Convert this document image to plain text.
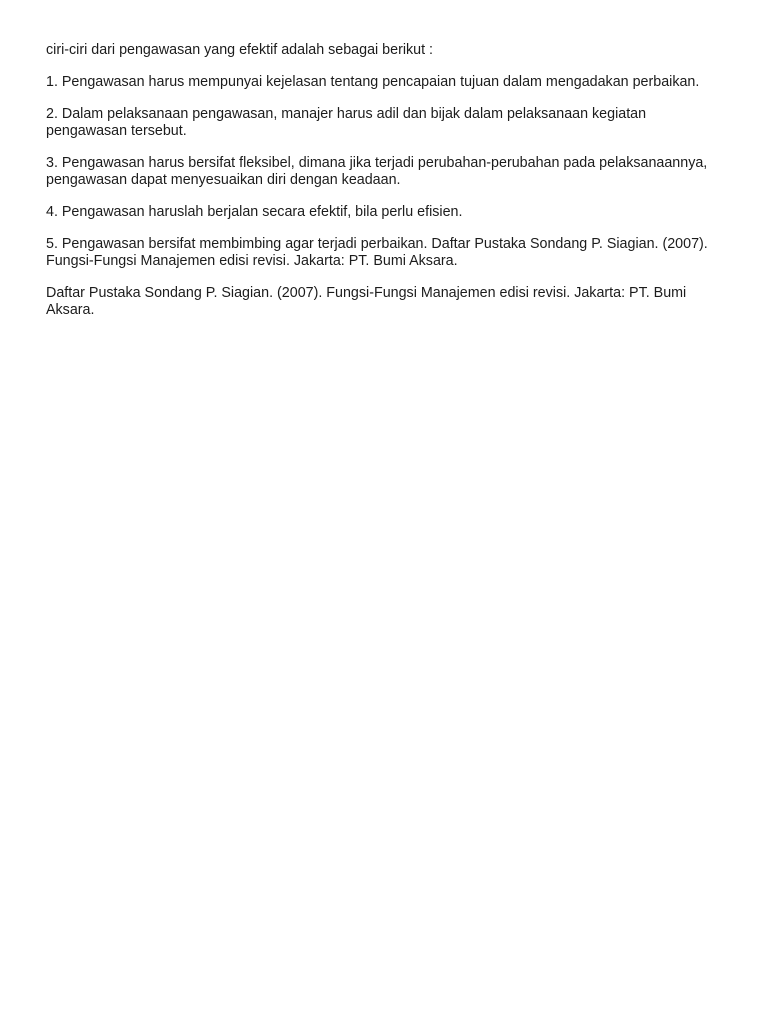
ciri-ciri dari pengawasan yang efektif adalah sebagai berikut :

1. Pengawasan harus mempunyai kejelasan tentang pencapaian tujuan dalam mengadakan perbaikan.

2. Dalam pelaksanaan pengawasan, manajer harus adil dan bijak dalam pelaksanaan kegiatan pengawasan tersebut.

3. Pengawasan harus bersifat fleksibel, dimana jika terjadi perubahan-perubahan pada pelaksanaannya, pengawasan dapat menyesuaikan diri dengan keadaan.

4. Pengawasan haruslah berjalan secara efektif, bila perlu efisien.

5. Pengawasan bersifat membimbing agar terjadi perbaikan. Daftar Pustaka Sondang P. Siagian. (2007). Fungsi-Fungsi Manajemen edisi revisi. Jakarta: PT. Bumi Aksara.

Daftar Pustaka Sondang P. Siagian. (2007). Fungsi-Fungsi Manajemen edisi revisi. Jakarta: PT. Bumi Aksara.
